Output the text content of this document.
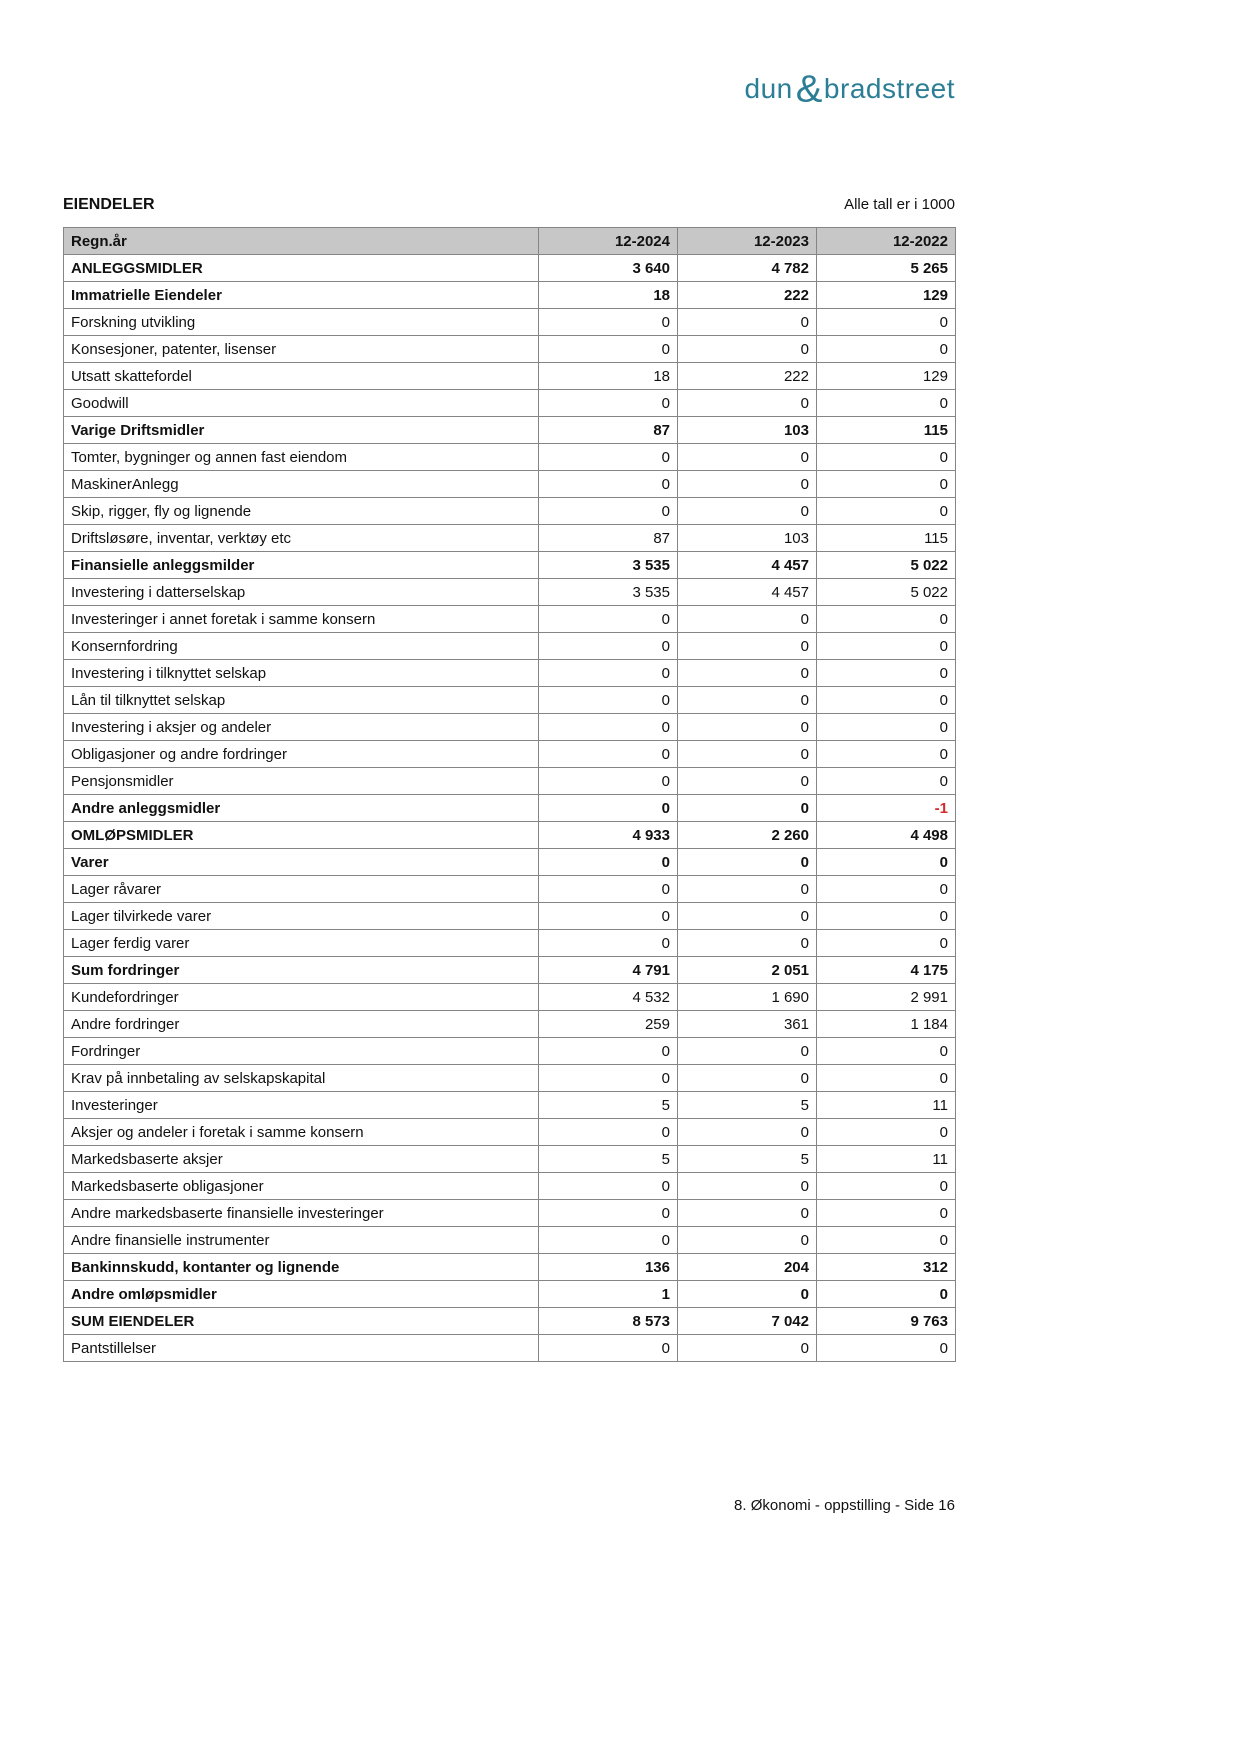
dun&bradstreet
EIENDELER	Alle tall er i 1000
Regn.år	12-2024	12-2023	12-2022
ANLEGGSMIDLER	3 640	4 782	5 265
Immatrielle Eiendeler	18	222	129
Forskning utvikling	0	0	0
Konsesjoner, patenter, lisenser	0	0	0
Utsatt skattefordel	18	222	129
Goodwill	0	0	0
Varige Driftsmidler	87	103	115
Tomter, bygninger og annen fast eiendom	0	0	0
MaskinerAnlegg	0	0	0
Skip, rigger, fly og lignende	0	0	0
Driftsløsøre, inventar, verktøy etc	87	103	115
Finansielle anleggsmilder	3 535	4 457	5 022
Investering i datterselskap	3 535	4 457	5 022
Investeringer i annet foretak i samme konsern	0	0	0
Konsernfordring	0	0	0
Investering i tilknyttet selskap	0	0	0
Lån til tilknyttet selskap	0	0	0
Investering i aksjer og andeler	0	0	0
Obligasjoner og andre fordringer	0	0	0
Pensjonsmidler	0	0	0
Andre anleggsmidler	0	0	-1
OMLØPSMIDLER	4 933	2 260	4 498
Varer	0	0	0
Lager råvarer	0	0	0
Lager tilvirkede varer	0	0	0
Lager ferdig varer	0	0	0
Sum fordringer	4 791	2 051	4 175
Kundefordringer	4 532	1 690	2 991
Andre fordringer	259	361	1 184
Fordringer	0	0	0
Krav på innbetaling av selskapskapital	0	0	0
Investeringer	5	5	11
Aksjer og andeler i foretak i samme konsern	0	0	0
Markedsbaserte aksjer	5	5	11
Markedsbaserte obligasjoner	0	0	0
Andre markedsbaserte finansielle investeringer	0	0	0
Andre finansielle instrumenter	0	0	0
Bankinnskudd, kontanter og lignende	136	204	312
Andre omløpsmidler	1	0	0
SUM EIENDELER	8 573	7 042	9 763
Pantstillelser	0	0	0
8. Økonomi - oppstilling - Side 16
